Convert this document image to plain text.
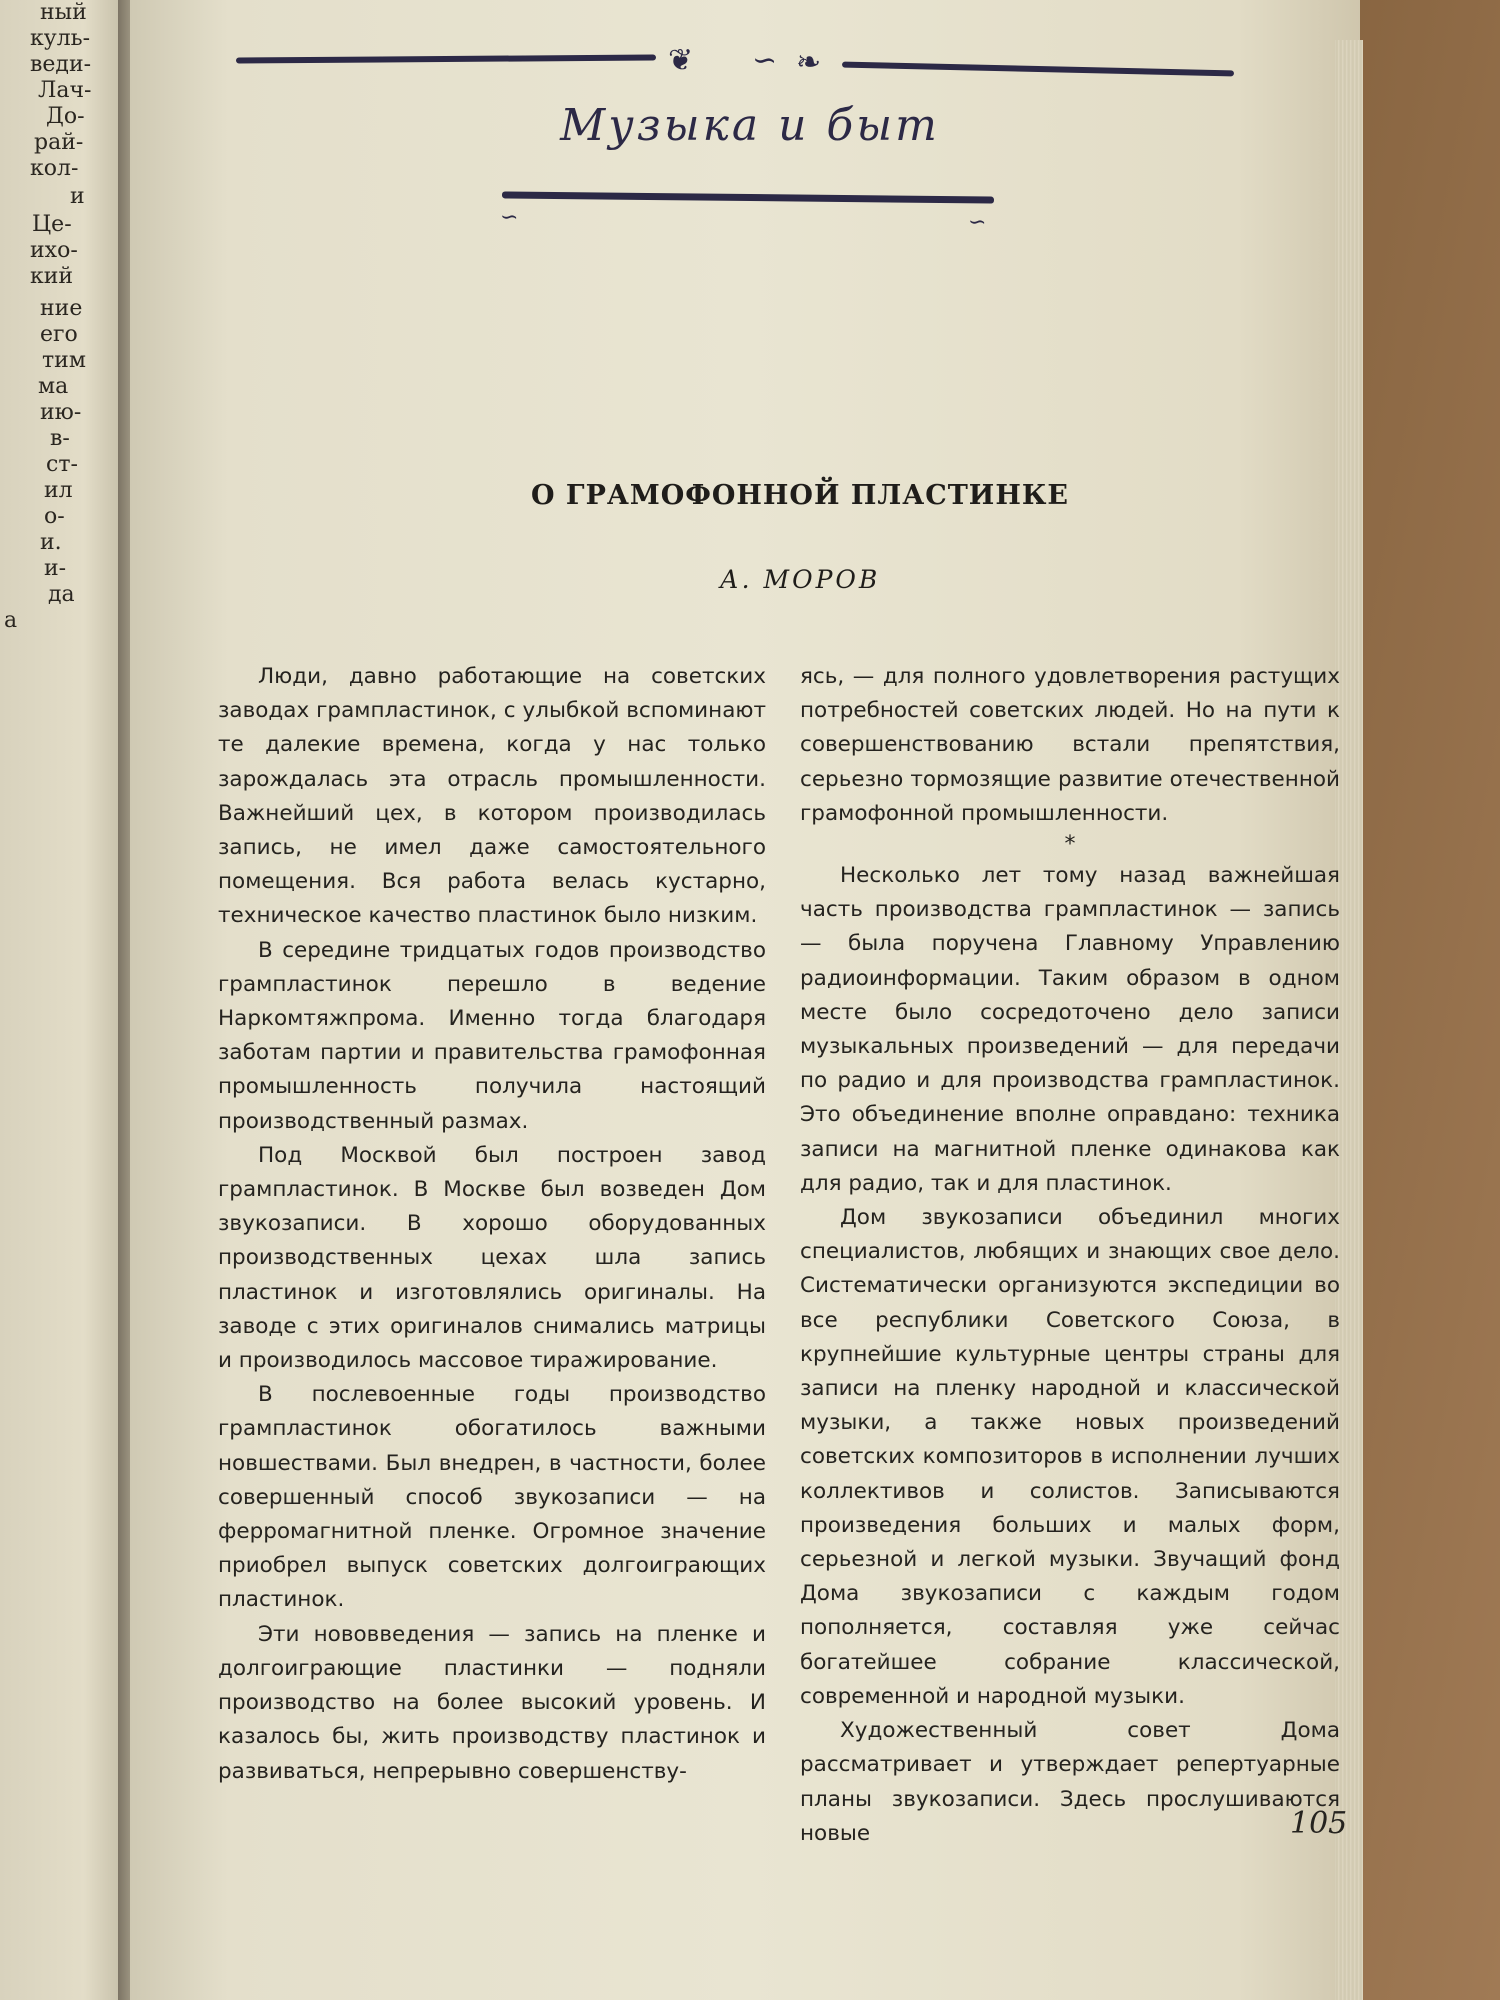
ный
куль-
веди-
Лач-
До-
рай-
кол-
и
Це-
ихо-
кий
ние
его
тим
ма
ию-
в-
ст-
ил
о-
и.
и-
да
а
❦ ∽ ❧
Музыка и быт
∽	∽
О ГРАМОФОННОЙ ПЛАСТИНКЕ
А. МОРОВ

Люди, давно работающие на советских заводах грампластинок, с улыбкой вспоминают те далекие времена, когда у нас только зарождалась эта отрасль промышленности. Важнейший цех, в котором производилась запись, не имел даже самостоятельного помещения. Вся работа велась кустарно, техническое качество пластинок было низким.

В середине тридцатых годов производство грампластинок перешло в ведение Наркомтяжпрома. Именно тогда благодаря заботам партии и правительства грамофонная промышленность получила настоящий производственный размах.

Под Москвой был построен завод грампластинок. В Москве был возведен Дом звукозаписи. В хорошо оборудованных производственных цехах шла запись пластинок и изготовлялись оригиналы. На заводе с этих оригиналов снимались матрицы и производилось массовое тиражирование.

В послевоенные годы производство грампластинок обогатилось важными новшествами. Был внедрен, в частности, более совершенный способ звукозаписи — на ферромагнитной пленке. Огромное значение приобрел выпуск советских долгоиграющих пластинок.

Эти нововведения — запись на пленке и долгоиграющие пластинки — подняли производство на более высокий уровень. И казалось бы, жить производству пластинок и развиваться, непрерывно совершенству-

ясь, — для полного удовлетворения растущих потребностей советских людей. Но на пути к совершенствованию встали препятствия, серьезно тормозящие развитие отечественной грамофонной промышленности.

*

Несколько лет тому назад важнейшая часть производства грампластинок — запись — была поручена Главному Управлению радиоинформации. Таким образом в одном месте было сосредоточено дело записи музыкальных произведений — для передачи по радио и для производства грампластинок. Это объединение вполне оправдано: техника записи на магнитной пленке одинакова как для радио, так и для пластинок.

Дом звукозаписи объединил многих специалистов, любящих и знающих свое дело. Систематически организуются экспедиции во все республики Советского Союза, в крупнейшие культурные центры страны для записи на пленку народной и классической музыки, а также новых произведений советских композиторов в исполнении лучших коллективов и солистов. Записываются произведения больших и малых форм, серьезной и легкой музыки. Звучащий фонд Дома звукозаписи с каждым годом пополняется, составляя уже сейчас богатейшее собрание классической, современной и народной музыки.

Художественный совет Дома рассматривает и утверждает репертуарные планы звукозаписи. Здесь прослушиваются новые	105
